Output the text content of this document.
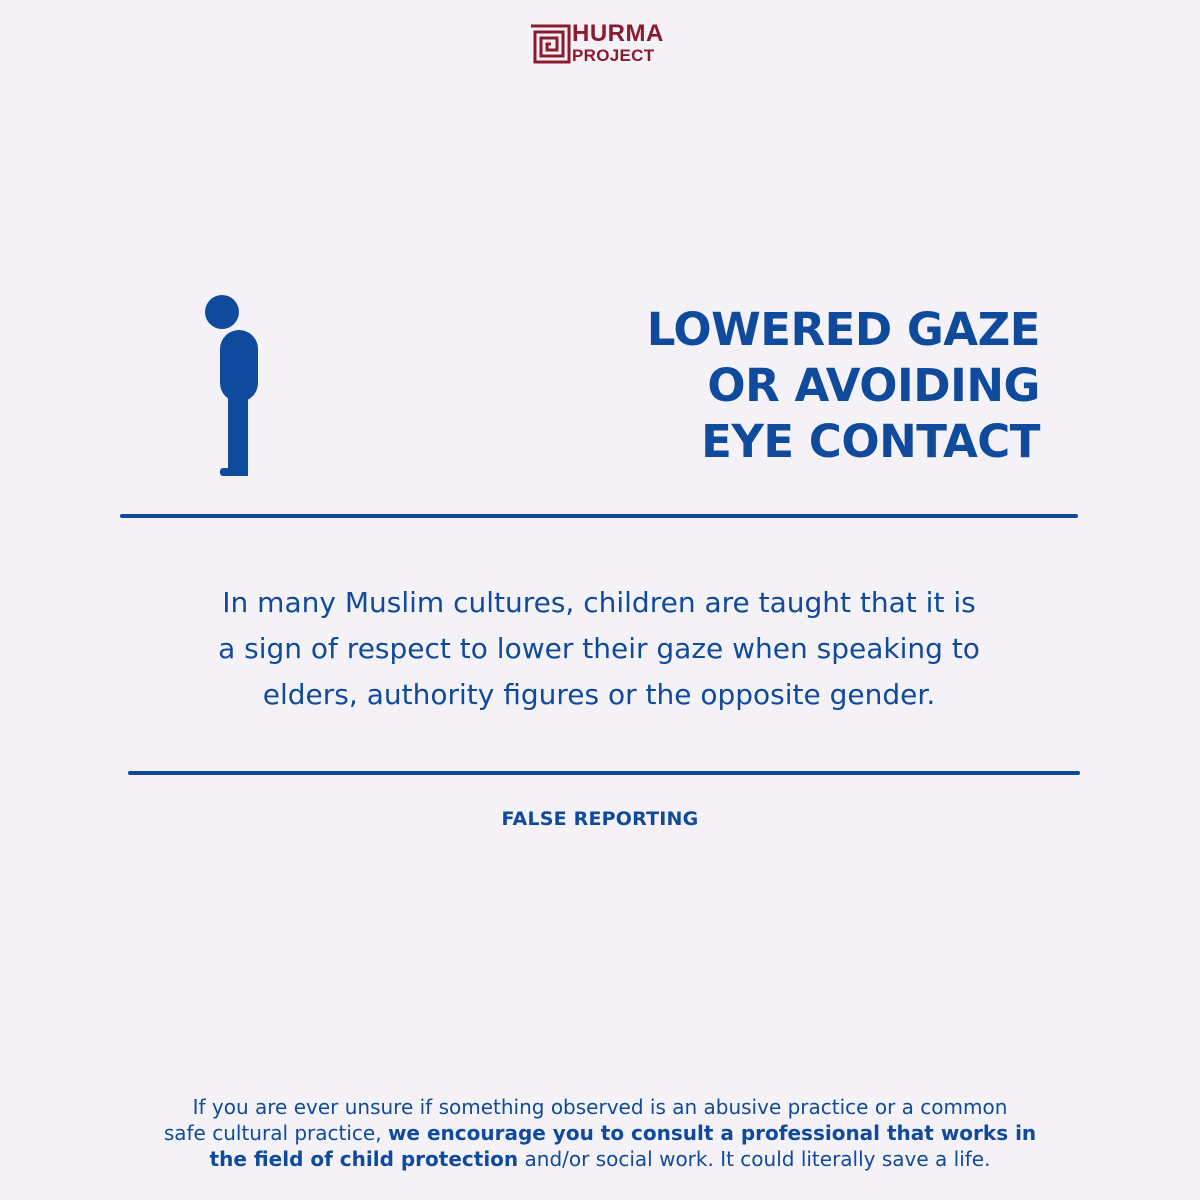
HURMA
PROJECT
LOWERED GAZE
OR AVOIDING
EYE CONTACT
In many Muslim cultures, children are taught that it is
a sign of respect to lower their gaze when speaking to
elders, authority figures or the opposite gender.
FALSE REPORTING
If you are ever unsure if something observed is an abusive practice or a common
safe cultural practice, we encourage you to consult a professional that works in
the field of child protection and/or social work. It could literally save a life.
